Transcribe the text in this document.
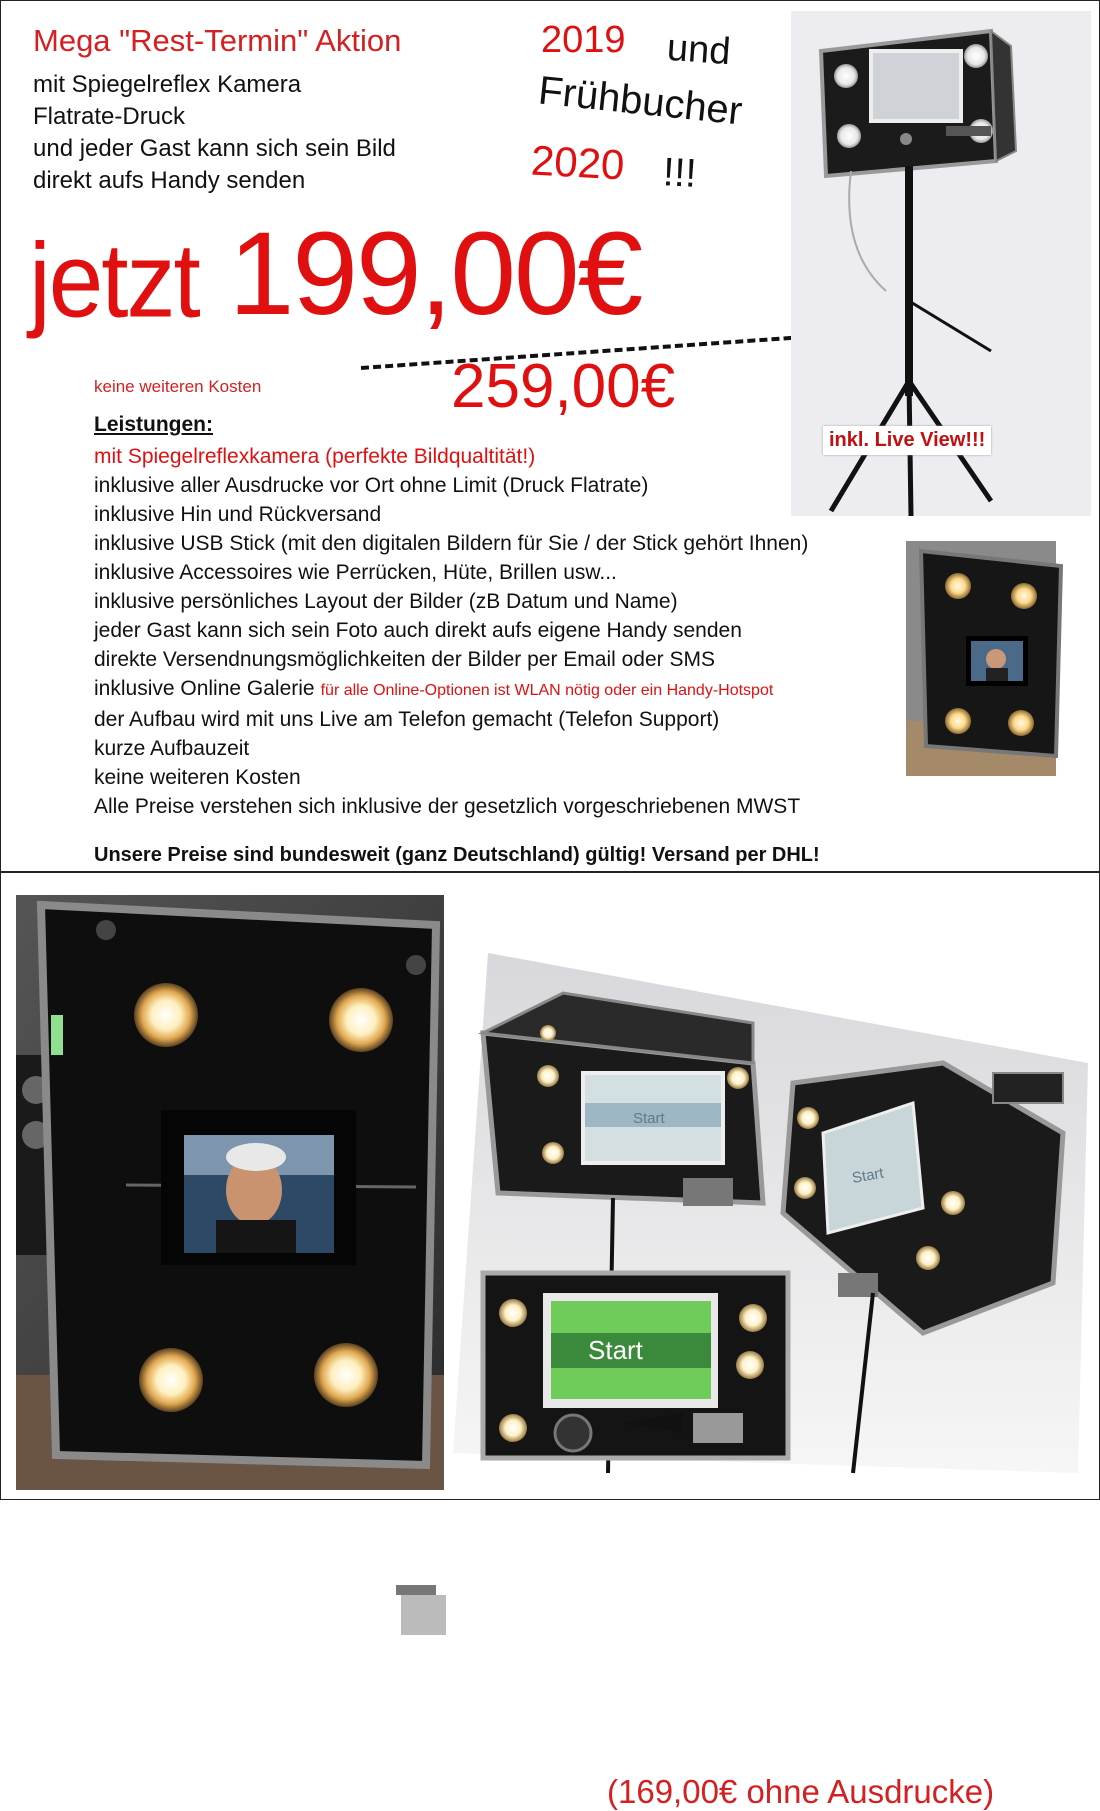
Mega "Rest-Termin" Aktion
mit Spiegelreflex Kamera
Flatrate-Druck
und jeder Gast kann sich sein Bild
direkt aufs Handy senden
2019 und
Frühbucher
2020 !!!
jetzt 199,00€
259,00€
keine weiteren Kosten
Leistungen:
mit Spiegelreflexkamera (perfekte Bildqualtität!)
inklusive aller Ausdrucke vor Ort ohne Limit (Druck Flatrate)
inklusive Hin und Rückversand
inklusive USB Stick (mit den digitalen Bildern für Sie / der Stick gehört Ihnen)
inklusive Accessoires wie Perrücken, Hüte, Brillen usw...
inklusive persönliches Layout der Bilder (zB Datum und Name)
jeder Gast kann sich sein Foto auch direkt aufs eigene Handy senden
direkte Versendnungsmöglichkeiten der Bilder per Email oder SMS
inklusive Online Galerie für alle Online-Optionen ist WLAN nötig oder ein Handy-Hotspot
der Aufbau wird mit uns Live am Telefon gemacht (Telefon Support)
kurze Aufbauzeit
keine weiteren Kosten
Alle Preise verstehen sich inklusive der gesetzlich vorgeschriebenen MWST
Unsere Preise sind bundesweit (ganz Deutschland) gültig! Versand per DHL!
inkl. Live View!!!
(169,00€ ohne Ausdrucke)
Start
Start
Start
